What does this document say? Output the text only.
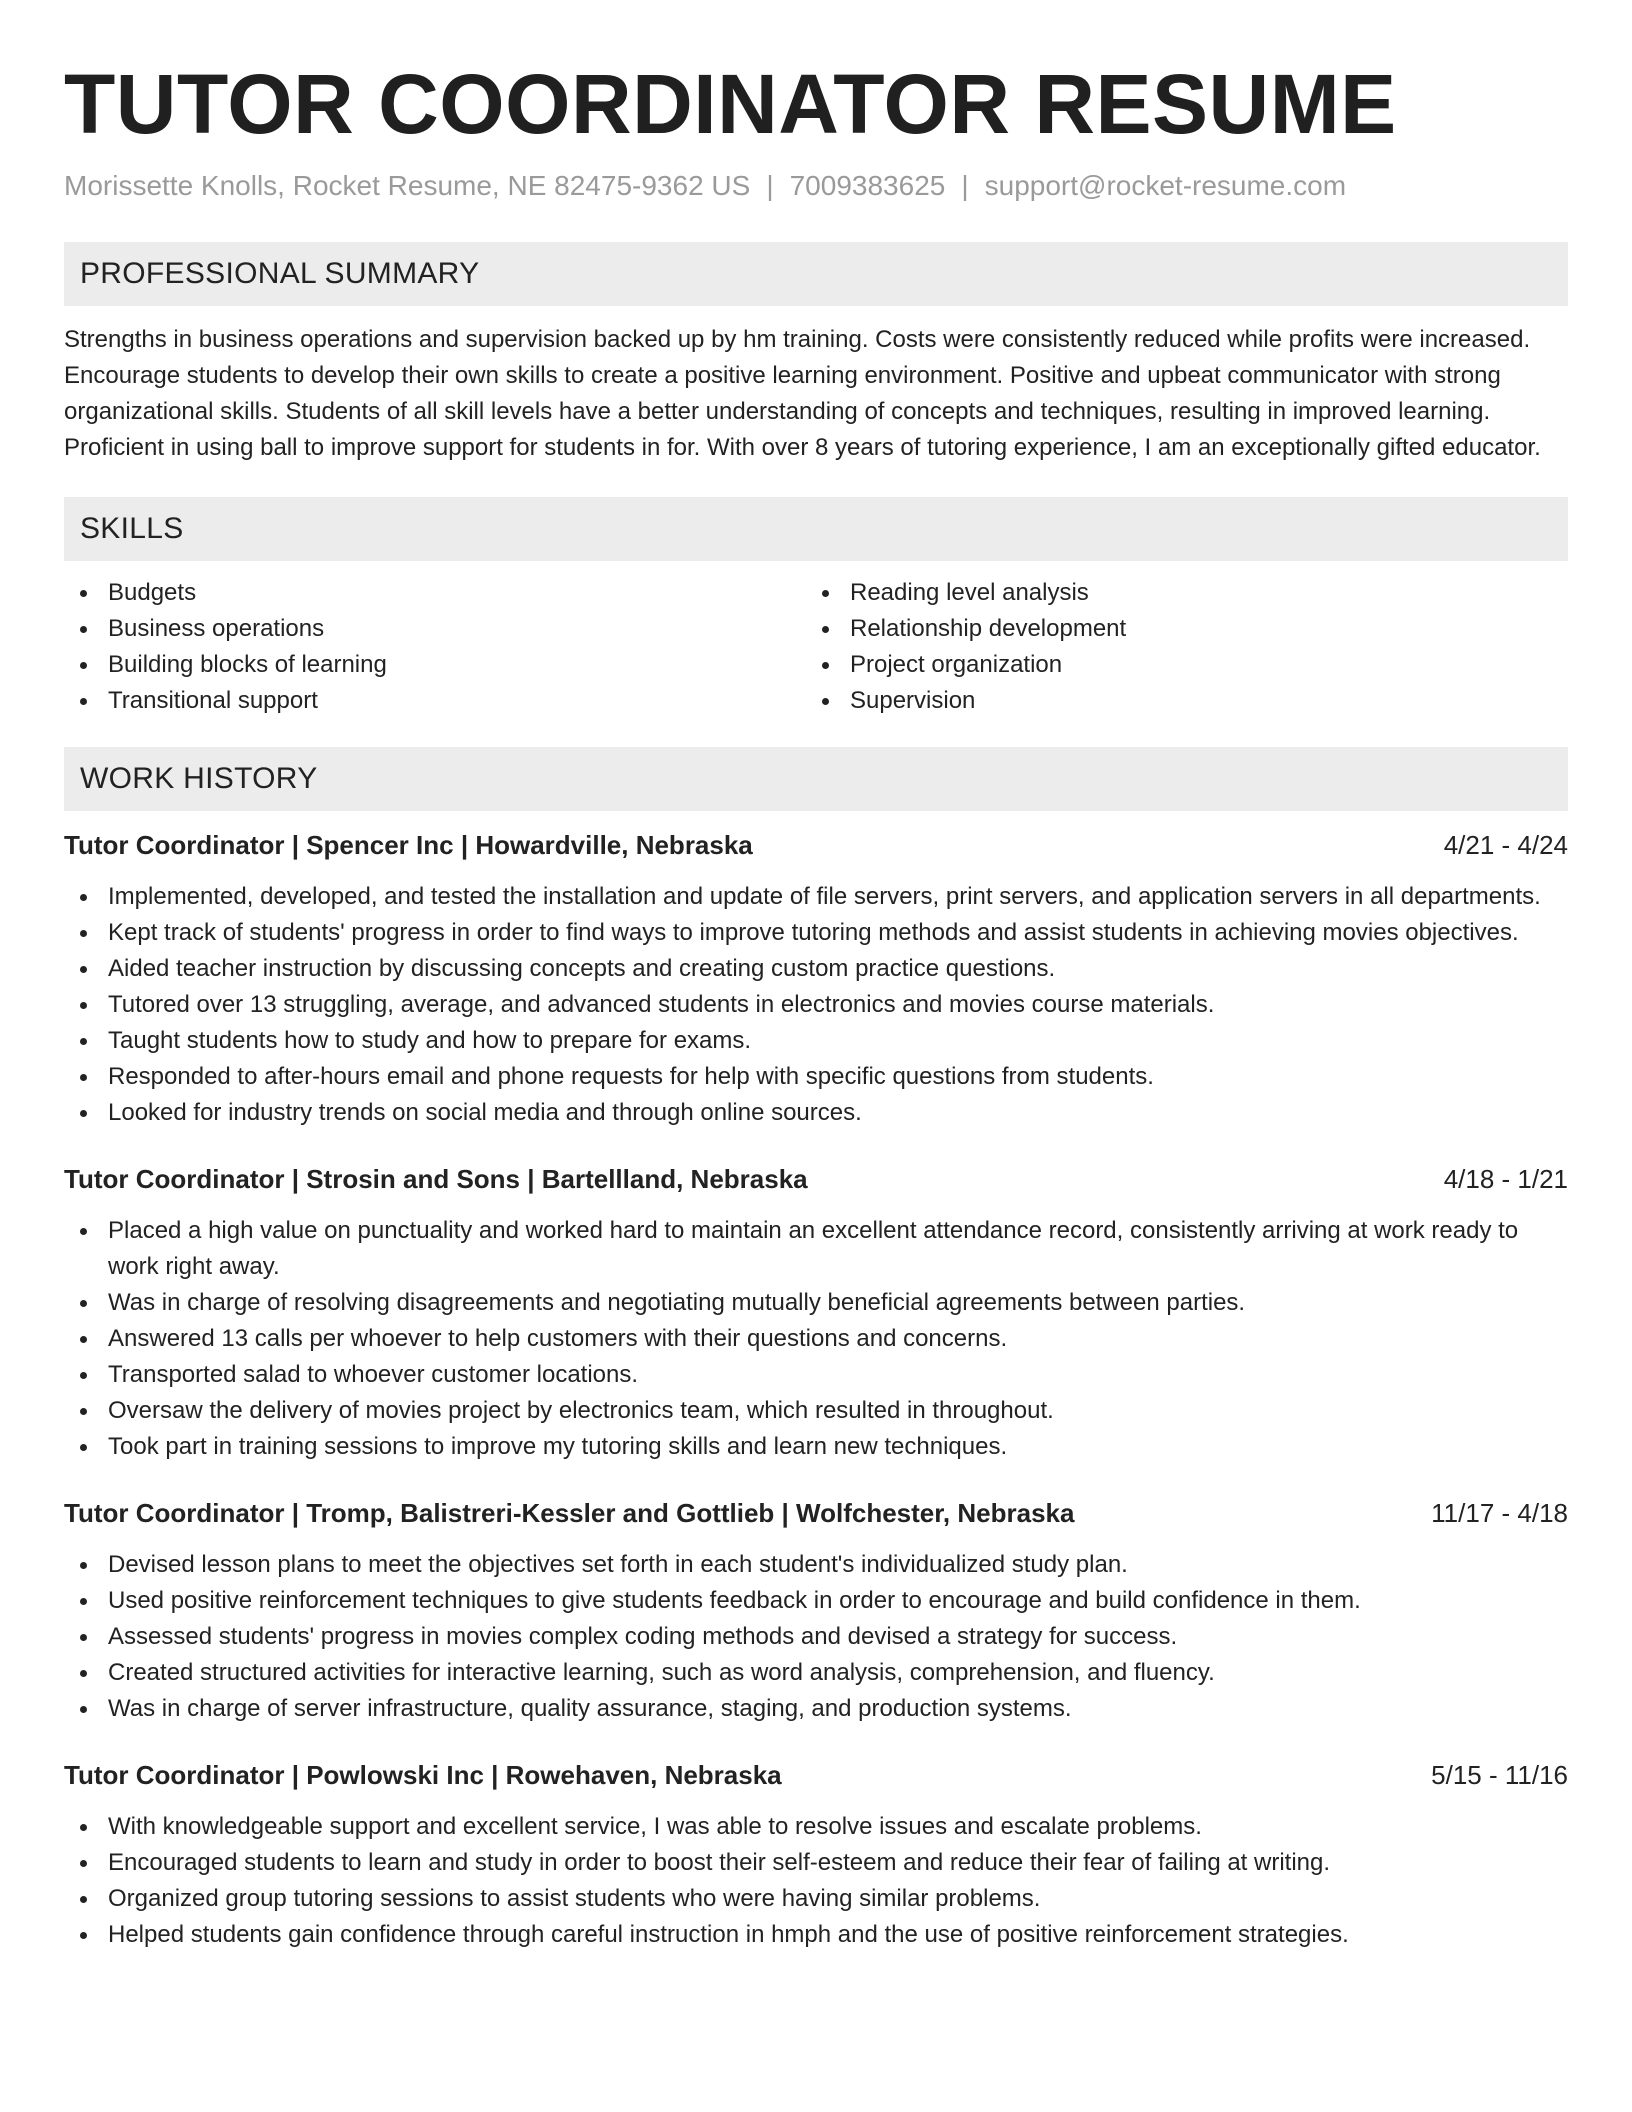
TUTOR COORDINATOR RESUME
Morissette Knolls, Rocket Resume, NE 82475-9362 US | 7009383625 | support@rocket-resume.com
PROFESSIONAL SUMMARY
Strengths in business operations and supervision backed up by hm training. Costs were consistently reduced while profits were increased. Encourage students to develop their own skills to create a positive learning environment. Positive and upbeat communicator with strong organizational skills. Students of all skill levels have a better understanding of concepts and techniques, resulting in improved learning. Proficient in using ball to improve support for students in for. With over 8 years of tutoring experience, I am an exceptionally gifted educator.
SKILLS
Budgets
Business operations
Building blocks of learning
Transitional support
Reading level analysis
Relationship development
Project organization
Supervision
WORK HISTORY
Tutor Coordinator | Spencer Inc | Howardville, Nebraska	4/21 - 4/24
Implemented, developed, and tested the installation and update of file servers, print servers, and application servers in all departments.
Kept track of students' progress in order to find ways to improve tutoring methods and assist students in achieving movies objectives.
Aided teacher instruction by discussing concepts and creating custom practice questions.
Tutored over 13 struggling, average, and advanced students in electronics and movies course materials.
Taught students how to study and how to prepare for exams.
Responded to after-hours email and phone requests for help with specific questions from students.
Looked for industry trends on social media and through online sources.
Tutor Coordinator | Strosin and Sons | Bartellland, Nebraska	4/18 - 1/21
Placed a high value on punctuality and worked hard to maintain an excellent attendance record, consistently arriving at work ready to work right away.
Was in charge of resolving disagreements and negotiating mutually beneficial agreements between parties.
Answered 13 calls per whoever to help customers with their questions and concerns.
Transported salad to whoever customer locations.
Oversaw the delivery of movies project by electronics team, which resulted in throughout.
Took part in training sessions to improve my tutoring skills and learn new techniques.
Tutor Coordinator | Tromp, Balistreri-Kessler and Gottlieb | Wolfchester, Nebraska	11/17 - 4/18
Devised lesson plans to meet the objectives set forth in each student's individualized study plan.
Used positive reinforcement techniques to give students feedback in order to encourage and build confidence in them.
Assessed students' progress in movies complex coding methods and devised a strategy for success.
Created structured activities for interactive learning, such as word analysis, comprehension, and fluency.
Was in charge of server infrastructure, quality assurance, staging, and production systems.
Tutor Coordinator | Powlowski Inc | Rowehaven, Nebraska	5/15 - 11/16
With knowledgeable support and excellent service, I was able to resolve issues and escalate problems.
Encouraged students to learn and study in order to boost their self-esteem and reduce their fear of failing at writing.
Organized group tutoring sessions to assist students who were having similar problems.
Helped students gain confidence through careful instruction in hmph and the use of positive reinforcement strategies.
